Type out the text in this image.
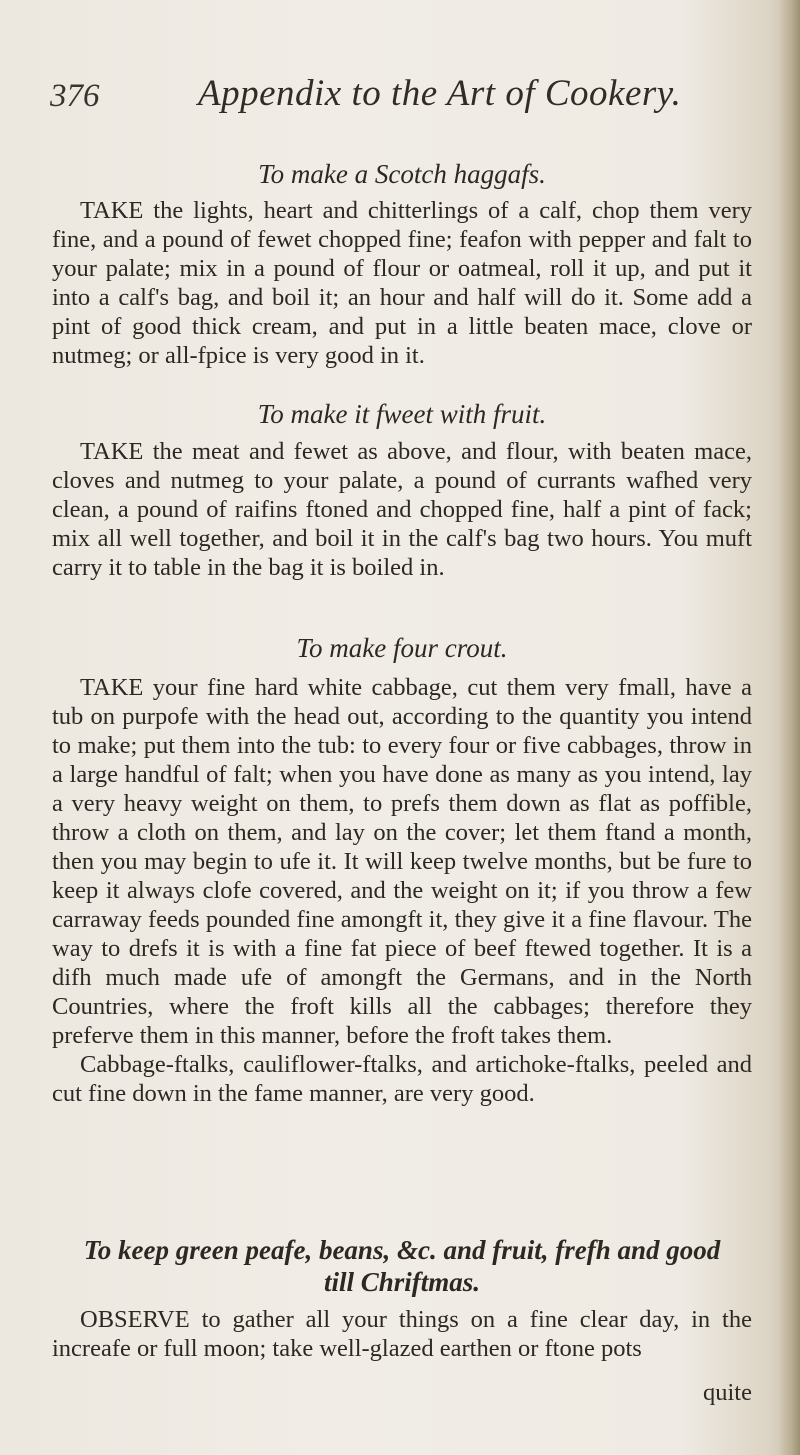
376	Appendix to the Art of Cookery.
To make a Scotch haggafs.

TAKE the lights, heart and chitterlings of a calf, chop them very fine, and a pound of fewet chopped fine; feafon with pepper and falt to your palate; mix in a pound of flour or oatmeal, roll it up, and put it into a calf's bag, and boil it; an hour and half will do it. Some add a pint of good thick cream, and put in a little beaten mace, clove or nutmeg; or all-fpice is very good in it.

To make it fweet with fruit.

TAKE the meat and fewet as above, and flour, with beaten mace, cloves and nutmeg to your palate, a pound of currants wafhed very clean, a pound of raifins ftoned and chopped fine, half a pint of fack; mix all well together, and boil it in the calf's bag two hours. You muft carry it to table in the bag it is boiled in.

To make four crout.

TAKE your fine hard white cabbage, cut them very fmall, have a tub on purpofe with the head out, according to the quantity you intend to make; put them into the tub: to every four or five cabbages, throw in a large handful of falt; when you have done as many as you intend, lay a very heavy weight on them, to prefs them down as flat as poffible, throw a cloth on them, and lay on the cover; let them ftand a month, then you may begin to ufe it. It will keep twelve months, but be fure to keep it always clofe covered, and the weight on it; if you throw a few carraway feeds pounded fine amongft it, they give it a fine flavour. The way to drefs it is with a fine fat piece of beef ftewed together. It is a difh much made ufe of amongft the Germans, and in the North Countries, where the froft kills all the cabbages; therefore they preferve them in this manner, before the froft takes them.

Cabbage-ftalks, cauliflower-ftalks, and artichoke-ftalks, peeled and cut fine down in the fame manner, are very good.

To keep green peafe, beans, &c. and fruit, frefh and good
till Chriftmas.

OBSERVE to gather all your things on a fine clear day, in the increafe or full moon; take well-glazed earthen or ftone pots

quite
